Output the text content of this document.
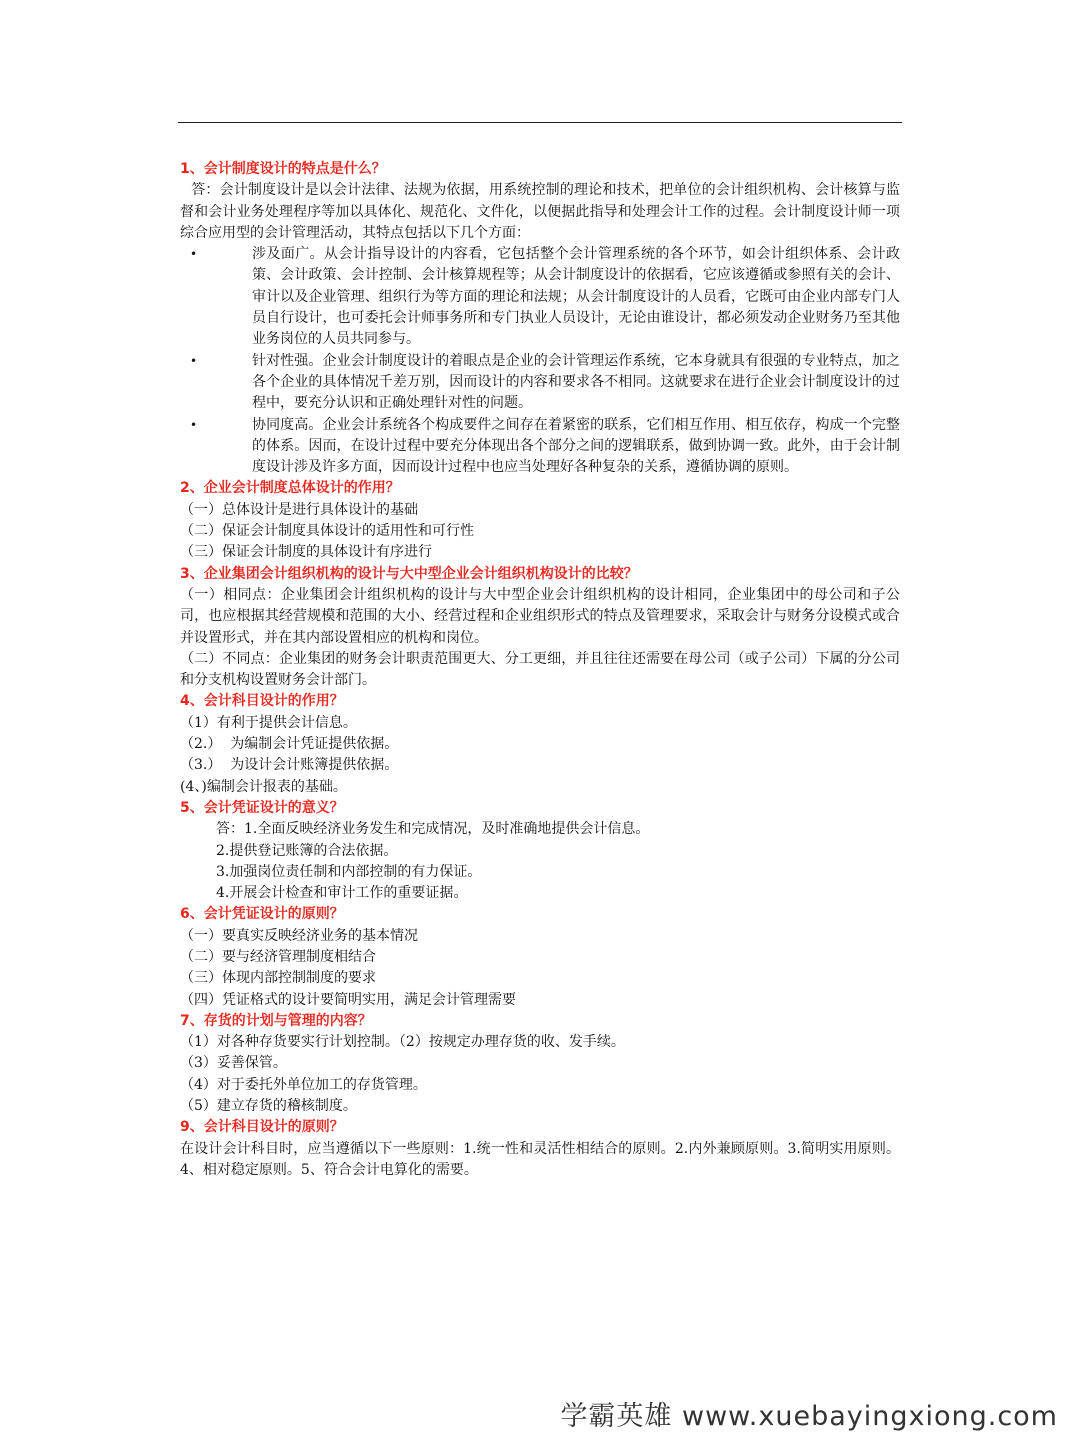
1、会计制度设计的特点是什么？

答：会计制度设计是以会计法律、法规为依据，用系统控制的理论和技术，把单位的会计组织机构、会计核算与监督和会计业务处理程序等加以具体化、规范化、文件化，以便据此指导和处理会计工作的过程。会计制度设计师一项综合应用型的会计管理活动，其特点包括以下几个方面：

•	涉及面广。从会计指导设计的内容看，它包括整个会计管理系统的各个环节，如会计组织体系、会计政策、会计政策、会计控制、会计核算规程等；从会计制度设计的依据看，它应该遵循或参照有关的会计、审计以及企业管理、组织行为等方面的理论和法规；从会计制度设计的人员看，它既可由企业内部专门人员自行设计，也可委托会计师事务所和专门执业人员设计，无论由谁设计，都必须发动企业财务乃至其他业务岗位的人员共同参与。
•	针对性强。企业会计制度设计的着眼点是企业的会计管理运作系统，它本身就具有很强的专业特点，加之各个企业的具体情况千差万别，因而设计的内容和要求各不相同。这就要求在进行企业会计制度设计的过程中，要充分认识和正确处理针对性的问题。
•	协同度高。企业会计系统各个构成要件之间存在着紧密的联系，它们相互作用、相互依存，构成一个完整的体系。因而，在设计过程中要充分体现出各个部分之间的逻辑联系，做到协调一致。此外，由于会计制度设计涉及许多方面，因而设计过程中也应当处理好各种复杂的关系，遵循协调的原则。

2、企业会计制度总体设计的作用？

（一）总体设计是进行具体设计的基础

（二）保证会计制度具体设计的适用性和可行性

（三）保证会计制度的具体设计有序进行

3、企业集团会计组织机构的设计与大中型企业会计组织机构设计的比较？

（一）相同点：企业集团会计组织机构的设计与大中型企业会计组织机构的设计相同，企业集团中的母公司和子公司，也应根据其经营规模和范围的大小、经营过程和企业组织形式的特点及管理要求，采取会计与财务分设模式或合并设置形式，并在其内部设置相应的机构和岗位。

（二）不同点：企业集团的财务会计职责范围更大、分工更细，并且往往还需要在母公司（或子公司）下属的分公司和分支机构设置财务会计部门。

4、会计科目设计的作用？

（1）有利于提供会计信息。

（2.）  为编制会计凭证提供依据。

（3.）  为设计会计账簿提供依据。

(4、)编制会计报表的基础。

5、会计凭证设计的意义？

答：1.全面反映经济业务发生和完成情况，及时准确地提供会计信息。

2.提供登记账簿的合法依据。

3.加强岗位责任制和内部控制的有力保证。

4.开展会计检查和审计工作的重要证据。

6、会计凭证设计的原则？

（一）要真实反映经济业务的基本情况

（二）要与经济管理制度相结合

（三）体现内部控制制度的要求

（四）凭证格式的设计要简明实用，满足会计管理需要

7、存货的计划与管理的内容？

（1）对各种存货要实行计划控制。（2）按规定办理存货的收、发手续。

（3）妥善保管。

（4）对于委托外单位加工的存货管理。

（5）建立存货的稽核制度。

9、会计科目设计的原则？

在设计会计科目时，应当遵循以下一些原则：1.统一性和灵活性相结合的原则。2.内外兼顾原则。3.简明实用原则。4、相对稳定原则。5、符合会计电算化的需要。

学霸英雄 www.xuebayingxiong.com
